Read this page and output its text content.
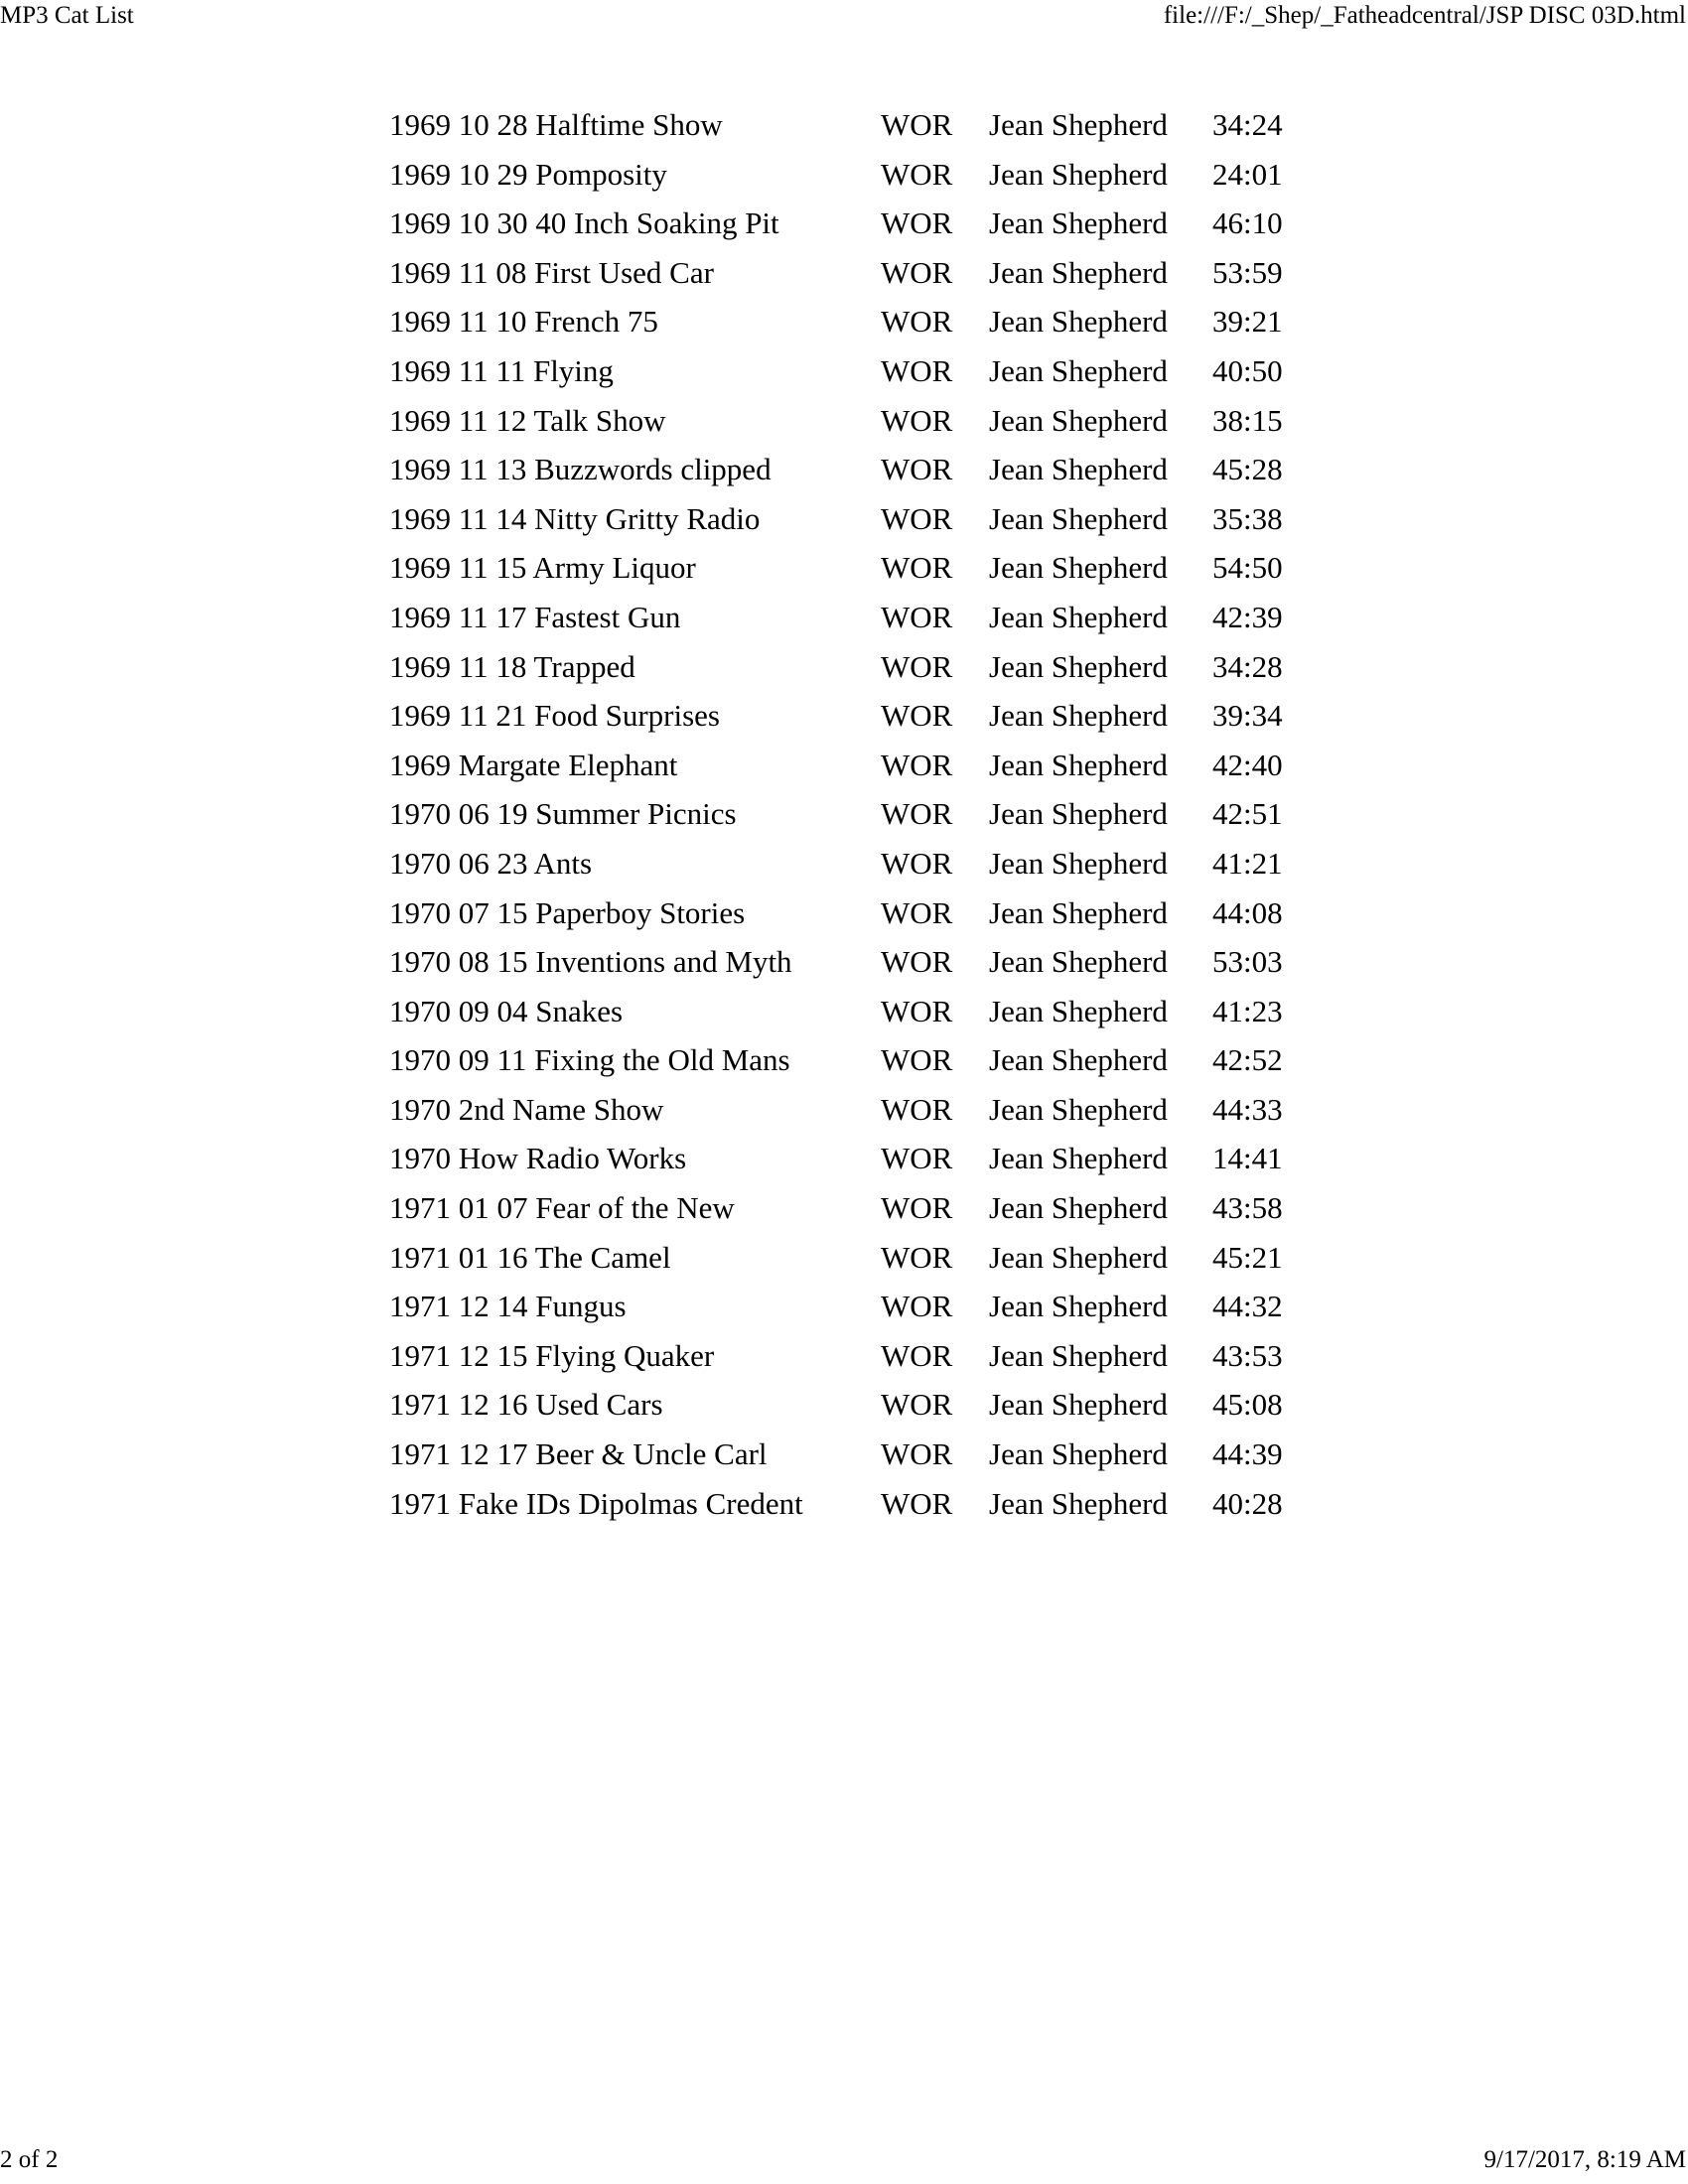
MP3 Cat List	file:///F:/_Shep/_Fatheadcentral/JSP DISC 03D.html
1969 10 28 Halftime Show	WOR	Jean Shepherd	34:24
1969 10 29 Pomposity	WOR	Jean Shepherd	24:01
1969 10 30 40 Inch Soaking Pit	WOR	Jean Shepherd	46:10
1969 11 08 First Used Car	WOR	Jean Shepherd	53:59
1969 11 10 French 75	WOR	Jean Shepherd	39:21
1969 11 11 Flying	WOR	Jean Shepherd	40:50
1969 11 12 Talk Show	WOR	Jean Shepherd	38:15
1969 11 13 Buzzwords clipped	WOR	Jean Shepherd	45:28
1969 11 14 Nitty Gritty Radio	WOR	Jean Shepherd	35:38
1969 11 15 Army Liquor	WOR	Jean Shepherd	54:50
1969 11 17 Fastest Gun	WOR	Jean Shepherd	42:39
1969 11 18 Trapped	WOR	Jean Shepherd	34:28
1969 11 21 Food Surprises	WOR	Jean Shepherd	39:34
1969 Margate Elephant	WOR	Jean Shepherd	42:40
1970 06 19 Summer Picnics	WOR	Jean Shepherd	42:51
1970 06 23 Ants	WOR	Jean Shepherd	41:21
1970 07 15 Paperboy Stories	WOR	Jean Shepherd	44:08
1970 08 15 Inventions and Myth	WOR	Jean Shepherd	53:03
1970 09 04 Snakes	WOR	Jean Shepherd	41:23
1970 09 11 Fixing the Old Mans	WOR	Jean Shepherd	42:52
1970 2nd Name Show	WOR	Jean Shepherd	44:33
1970 How Radio Works	WOR	Jean Shepherd	14:41
1971 01 07 Fear of the New	WOR	Jean Shepherd	43:58
1971 01 16 The Camel	WOR	Jean Shepherd	45:21
1971 12 14 Fungus	WOR	Jean Shepherd	44:32
1971 12 15 Flying Quaker	WOR	Jean Shepherd	43:53
1971 12 16 Used Cars	WOR	Jean Shepherd	45:08
1971 12 17 Beer & Uncle Carl	WOR	Jean Shepherd	44:39
1971 Fake IDs Dipolmas Credent	WOR	Jean Shepherd	40:28
2 of 2	9/17/2017, 8:19 AM
